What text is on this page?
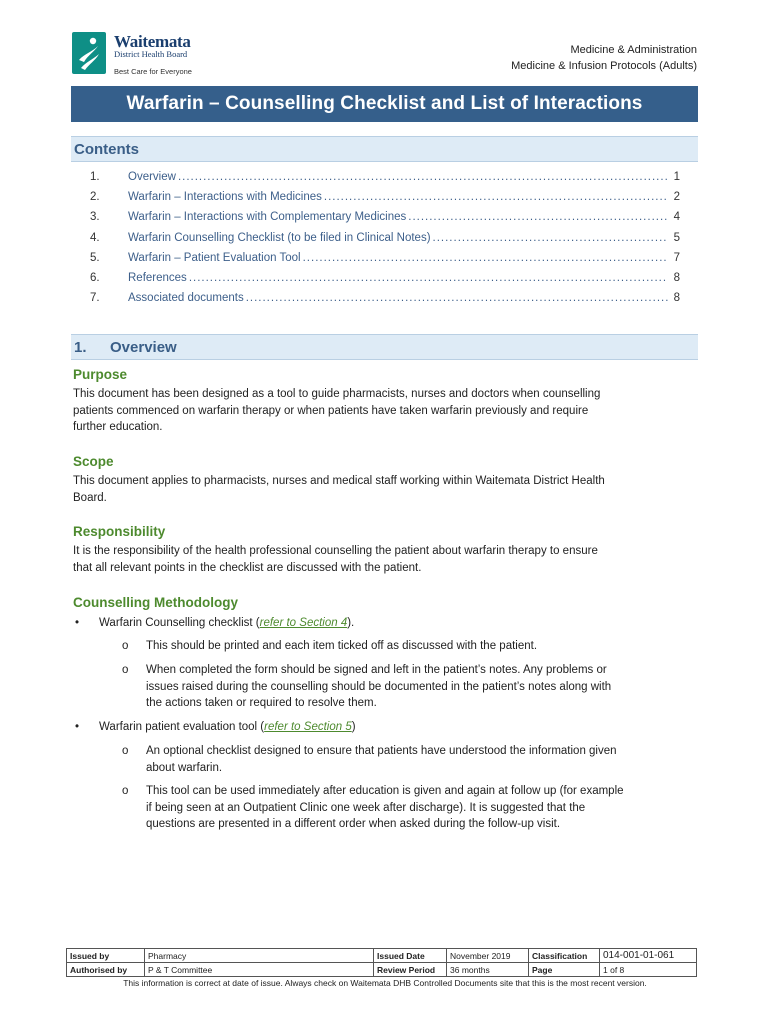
Waitemata
District Health Board
Best Care for Everyone
Medicine & Administration
Medicine & Infusion Protocols (Adults)
Warfarin – Counselling Checklist and List of Interactions
Contents
1.	Overview .....	1
2.	Warfarin – Interactions with Medicines .....	2
3.	Warfarin – Interactions with Complementary Medicines .....	4
4.	Warfarin Counselling Checklist (to be filed in Clinical Notes) .....	5
5.	Warfarin – Patient Evaluation Tool .....	7
6.	References .....	8
7.	Associated documents .....	8
1.	Overview
Purpose
This document has been designed as a tool to guide pharmacists, nurses and doctors when counselling
patients commenced on warfarin therapy or when patients have taken warfarin previously and require
further education.
Scope
This document applies to pharmacists, nurses and medical staff working within Waitemata District Health
Board.
Responsibility
It is the responsibility of the health professional counselling the patient about warfarin therapy to ensure
that all relevant points in the checklist are discussed with the patient.
Counselling Methodology
•	Warfarin Counselling checklist (refer to Section 4).
o	This should be printed and each item ticked off as discussed with the patient.
o	When completed the form should be signed and left in the patient’s notes. Any problems or
issues raised during the counselling should be documented in the patient’s notes along with
the actions taken or required to resolve them.
•	Warfarin patient evaluation tool (refer to Section 5)
o	An optional checklist designed to ensure that patients have understood the information given
about warfarin.
o	This tool can be used immediately after education is given and again at follow up (for example
if being seen at an Outpatient Clinic one week after discharge). It is suggested that the
questions are presented in a different order when asked during the follow-up visit.
Issued by	Pharmacy	Issued Date	November 2019	Classification	014-001-01-061
Authorised by	P & T Committee	Review Period	36 months	Page	1 of 8
This information is correct at date of issue. Always check on Waitemata DHB Controlled Documents site that this is the most recent version.
